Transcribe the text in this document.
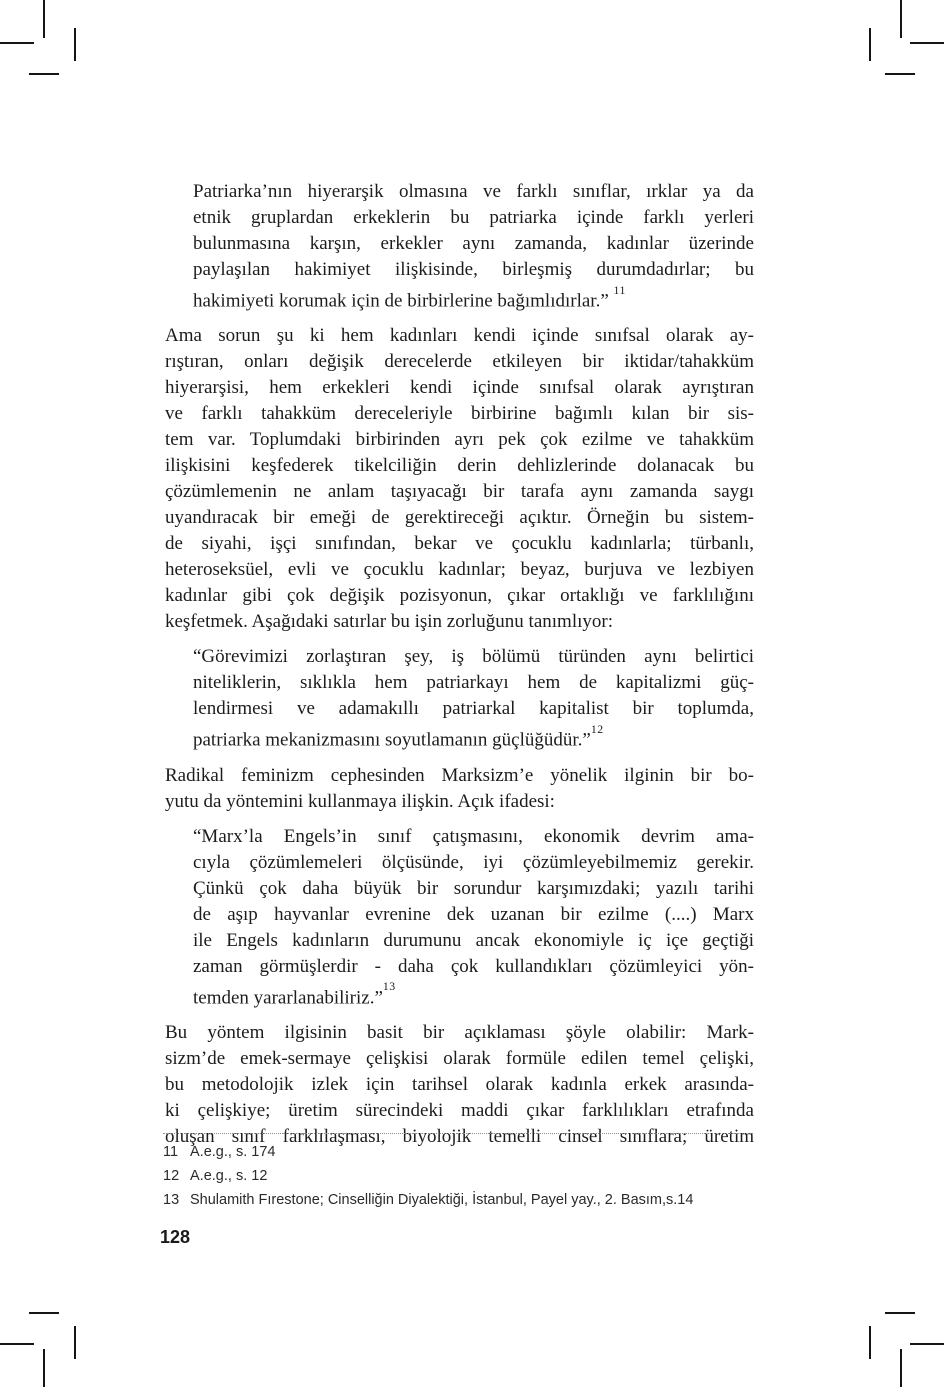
Patriarka’nın hiyerarşik olmasına ve farklı sınıflar, ırklar ya da
etnik gruplardan erkeklerin bu patriarka içinde farklı yerleri
bulunmasına karşın, erkekler aynı zamanda, kadınlar üzerinde
paylaşılan hakimiyet ilişkisinde, birleşmiş durumdadırlar; bu
hakimiyeti korumak için de birbirlerine bağımlıdırlar.” $^{11}$
Ama sorun şu ki hem kadınları kendi içinde sınıfsal olarak ay-
rıştıran, onları değişik derecelerde etkileyen bir iktidar/tahakküm
hiyerarşisi, hem erkekleri kendi içinde sınıfsal olarak ayrıştıran
ve farklı tahakküm dereceleriyle birbirine bağımlı kılan bir sis-
tem var. Toplumdaki birbirinden ayrı pek çok ezilme ve tahakküm
ilişkisini keşfederek tikelciliğin derin dehlizlerinde dolanacak bu
çözümlemenin ne anlam taşıyacağı bir tarafa aynı zamanda saygı
uyandıracak bir emeği de gerektireceği açıktır. Örneğin bu sistem-
de siyahi, işçi sınıfından, bekar ve çocuklu kadınlarla; türbanlı,
heteroseksüel, evli ve çocuklu kadınlar; beyaz, burjuva ve lezbiyen
kadınlar gibi çok değişik pozisyonun, çıkar ortaklığı ve farklılığını
keşfetmek. Aşağıdaki satırlar bu işin zorluğunu tanımlıyor:
“Görevimizi zorlaştıran şey, iş bölümü türünden aynı belirtici
niteliklerin, sıklıkla hem patriarkayı hem de kapitalizmi güç-
lendirmesi ve adamakıllı patriarkal kapitalist bir toplumda,
patriarka mekanizmasını soyutlamanın güçlüğüdür.”$^{12}$
Radikal feminizm cephesinden Marksizm’e yönelik ilginin bir bo-
yutu da yöntemini kullanmaya ilişkin. Açık ifadesi:
“Marx’la Engels’in sınıf çatışmasını, ekonomik devrim ama-
cıyla çözümlemeleri ölçüsünde, iyi çözümleyebilmemiz gerekir.
Çünkü çok daha büyük bir sorundur karşımızdaki; yazılı tarihi
de aşıp hayvanlar evrenine dek uzanan bir ezilme (....) Marx
ile Engels kadınların durumunu ancak ekonomiyle iç içe geçtiği
zaman görmüşlerdir - daha çok kullandıkları çözümleyici yön-
temden yararlanabiliriz.”$^{13}$
Bu yöntem ilgisinin basit bir açıklaması şöyle olabilir: Mark-
sizm’de emek-sermaye çelişkisi olarak formüle edilen temel çelişki,
bu metodolojik izlek için tarihsel olarak kadınla erkek arasında-
ki çelişkiye; üretim sürecindeki maddi çıkar farklılıkları etrafında
oluşan sınıf farklılaşması, biyolojik temelli cinsel sınıflara; üretim
11 A.e.g., s. 174
12 A.e.g., s. 12
13 Shulamith Fırestone; Cinselliğin Diyalektiği, İstanbul, Payel yay., 2. Basım,s.14
128
